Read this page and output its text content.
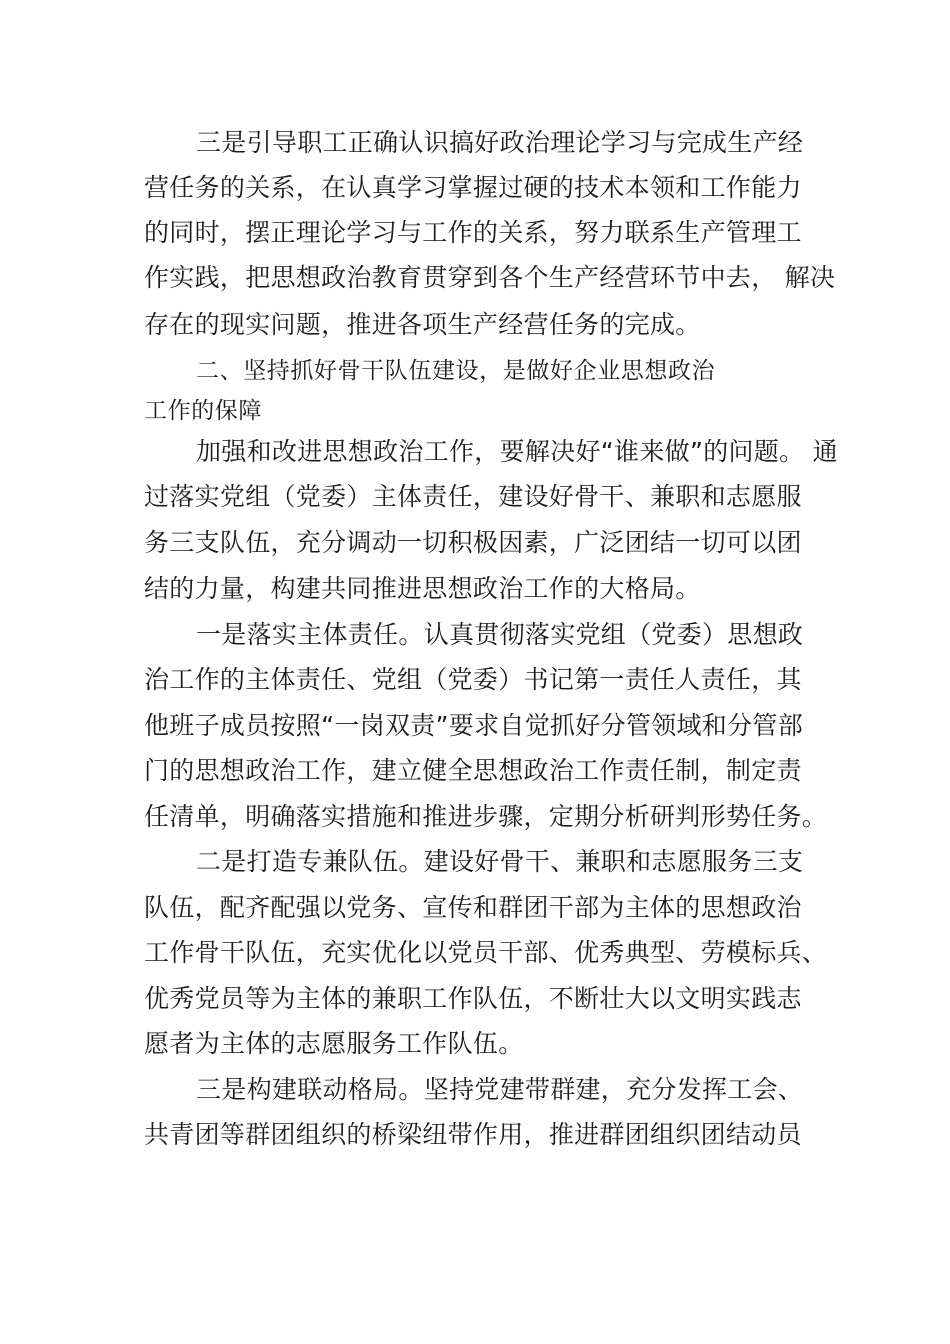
三是引导职工正确认识搞好政治理论学习与完成生产经
营任务的关系，在认真学习掌握过硬的技术本领和工作能力
的同时，摆正理论学习与工作的关系，努力联系生产管理工
作实践，把思想政治教育贯穿到各个生产经营环节中去， 解决
存在的现实问题，推进各项生产经营任务的完成。
二、坚持抓好骨干队伍建设，是做好企业思想政治
工作的保障
加强和改进思想政治工作，要解决好“谁来做”的问题。 通
过落实党组（党委）主体责任，建设好骨干、兼职和志愿服
务三支队伍，充分调动一切积极因素，广泛团结一切可以团
结的力量，构建共同推进思想政治工作的大格局。
一是落实主体责任。认真贯彻落实党组（党委）思想政
治工作的主体责任、党组（党委）书记第一责任人责任，其
他班子成员按照“一岗双责”要求自觉抓好分管领域和分管部
门的思想政治工作，建立健全思想政治工作责任制，制定责
任清单，明确落实措施和推进步骤，定期分析研判形势任务。
二是打造专兼队伍。建设好骨干、兼职和志愿服务三支
队伍，配齐配强以党务、宣传和群团干部为主体的思想政治
工作骨干队伍，充实优化以党员干部、优秀典型、劳模标兵、
优秀党员等为主体的兼职工作队伍，不断壮大以文明实践志
愿者为主体的志愿服务工作队伍。
三是构建联动格局。坚持党建带群建，充分发挥工会、
共青团等群团组织的桥梁纽带作用，推进群团组织团结动员
